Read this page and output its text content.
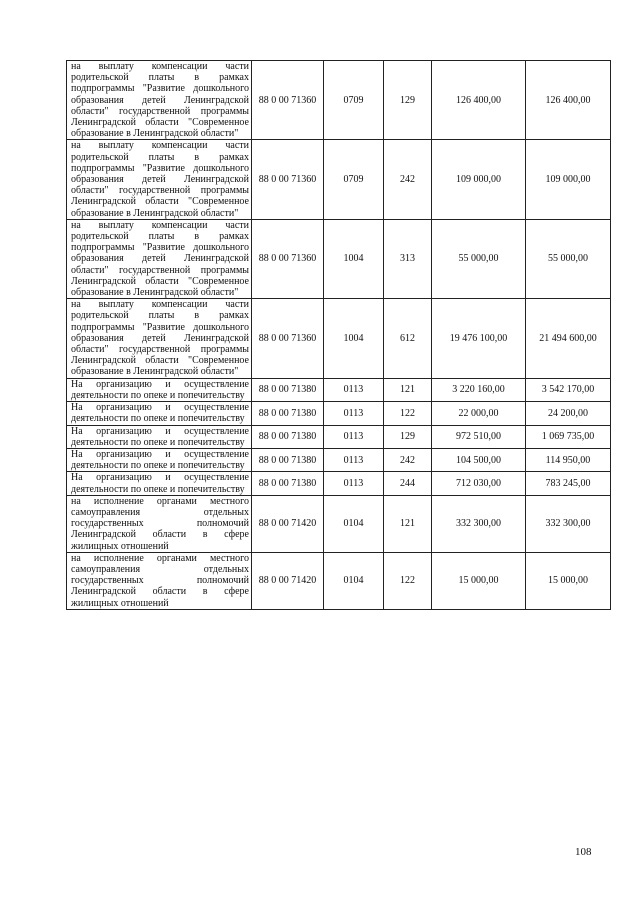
на выплату компенсации части родительской платы в рамках подпрограммы "Развитие дошкольного образования детей Ленинградской области" государственной программы Ленинградской области "Современное образование в Ленинградской области"	88 0 00 71360	0709	129	126 400,00	126 400,00
на выплату компенсации части родительской платы в рамках подпрограммы "Развитие дошкольного образования детей Ленинградской области" государственной программы Ленинградской области "Современное образование в Ленинградской области"	88 0 00 71360	0709	242	109 000,00	109 000,00
на выплату компенсации части родительской платы в рамках подпрограммы "Развитие дошкольного образования детей Ленинградской области" государственной программы Ленинградской области "Современное образование в Ленинградской области"	88 0 00 71360	1004	313	55 000,00	55 000,00
на выплату компенсации части родительской платы в рамках подпрограммы "Развитие дошкольного образования детей Ленинградской области" государственной программы Ленинградской области "Современное образование в Ленинградской области"	88 0 00 71360	1004	612	19 476 100,00	21 494 600,00
На организацию и осуществление деятельности по опеке и попечительству	88 0 00 71380	0113	121	3 220 160,00	3 542 170,00
На организацию и осуществление деятельности по опеке и попечительству	88 0 00 71380	0113	122	22 000,00	24 200,00
На организацию и осуществление деятельности по опеке и попечительству	88 0 00 71380	0113	129	972 510,00	1 069 735,00
На организацию и осуществление деятельности по опеке и попечительству	88 0 00 71380	0113	242	104 500,00	114 950,00
На организацию и осуществление деятельности по опеке и попечительству	88 0 00 71380	0113	244	712 030,00	783 245,00
на исполнение органами местного самоуправления отдельных государственных полномочий Ленинградской области в сфере жилищных отношений	88 0 00 71420	0104	121	332 300,00	332 300,00
на исполнение органами местного самоуправления отдельных государственных полномочий Ленинградской области в сфере жилищных отношений	88 0 00 71420	0104	122	15 000,00	15 000,00
108
